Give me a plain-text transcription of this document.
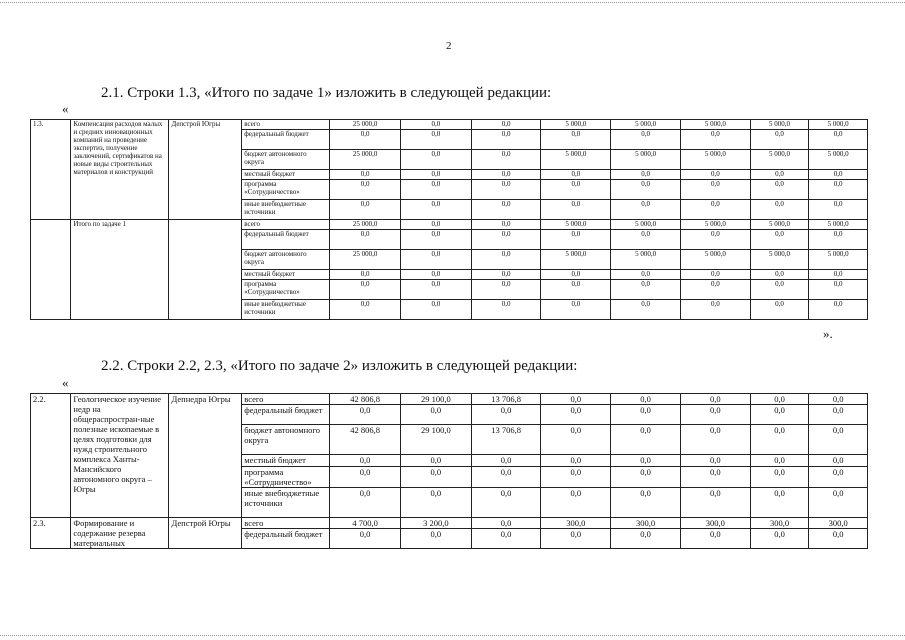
2
2.1. Строки 1.3, «Итого по задаче 1» изложить в следующей редакции:
«
1.3.	Компенсация расходов малых и средних инновационных компаний на проведение экспертиз, получение заключений, сертификатов на новые виды строительных материалов и конструкций	Депстрой Югры	всего	25 000,0	0,0	0,0	5 000,0	5 000,0	5 000,0	5 000,0	5 000,0
			федеральный бюджет	0,0	0,0	0,0	0,0	0,0	0,0	0,0	0,0
			бюджет автономного округа	25 000,0	0,0	0,0	5 000,0	5 000,0	5 000,0	5 000,0	5 000,0
			местный бюджет	0,0	0,0	0,0	0,0	0,0	0,0	0,0	0,0
			программа «Сотрудничество»	0,0	0,0	0,0	0,0	0,0	0,0	0,0	0,0
			иные внебюджетные источники	0,0	0,0	0,0	0,0	0,0	0,0	0,0	0,0
	Итого по задаче 1		всего	25 000,0	0,0	0,0	5 000,0	5 000,0	5 000,0	5 000,0	5 000,0
			федеральный бюджет	0,0	0,0	0,0	0,0	0,0	0,0	0,0	0,0
			бюджет автономного округа	25 000,0	0,0	0,0	5 000,0	5 000,0	5 000,0	5 000,0	5 000,0
			местный бюджет	0,0	0,0	0,0	0,0	0,0	0,0	0,0	0,0
			программа «Сотрудничество»	0,0	0,0	0,0	0,0	0,0	0,0	0,0	0,0
			иные внебюджетные источники	0,0	0,0	0,0	0,0	0,0	0,0	0,0	0,0
».
2.2. Строки 2.2, 2.3, «Итого по задаче 2» изложить в следующей редакции:
«
2.2.	Геологическое изучение недр на общераспростран-ные полезные ископаемые в целях подготовки для нужд строительного комплекса Ханты-Мансийского автономного округа – Югры	Депнедра Югры	всего	42 806,8	29 100,0	13 706,8	0,0	0,0	0,0	0,0	0,0
			федеральный бюджет	0,0	0,0	0,0	0,0	0,0	0,0	0,0	0,0
			бюджет автономного округа	42 806,8	29 100,0	13 706,8	0,0	0,0	0,0	0,0	0,0
			местный бюджет	0,0	0,0	0,0	0,0	0,0	0,0	0,0	0,0
			программа «Сотрудничество»	0,0	0,0	0,0	0,0	0,0	0,0	0,0	0,0
			иные внебюджетные источники	0,0	0,0	0,0	0,0	0,0	0,0	0,0	0,0
2.3.	Формирование и содержание резерва материальных	Депстрой Югры	всего	4 700,0	3 200,0	0,0	300,0	300,0	300,0	300,0	300,0
			федеральный бюджет	0,0	0,0	0,0	0,0	0,0	0,0	0,0	0,0
